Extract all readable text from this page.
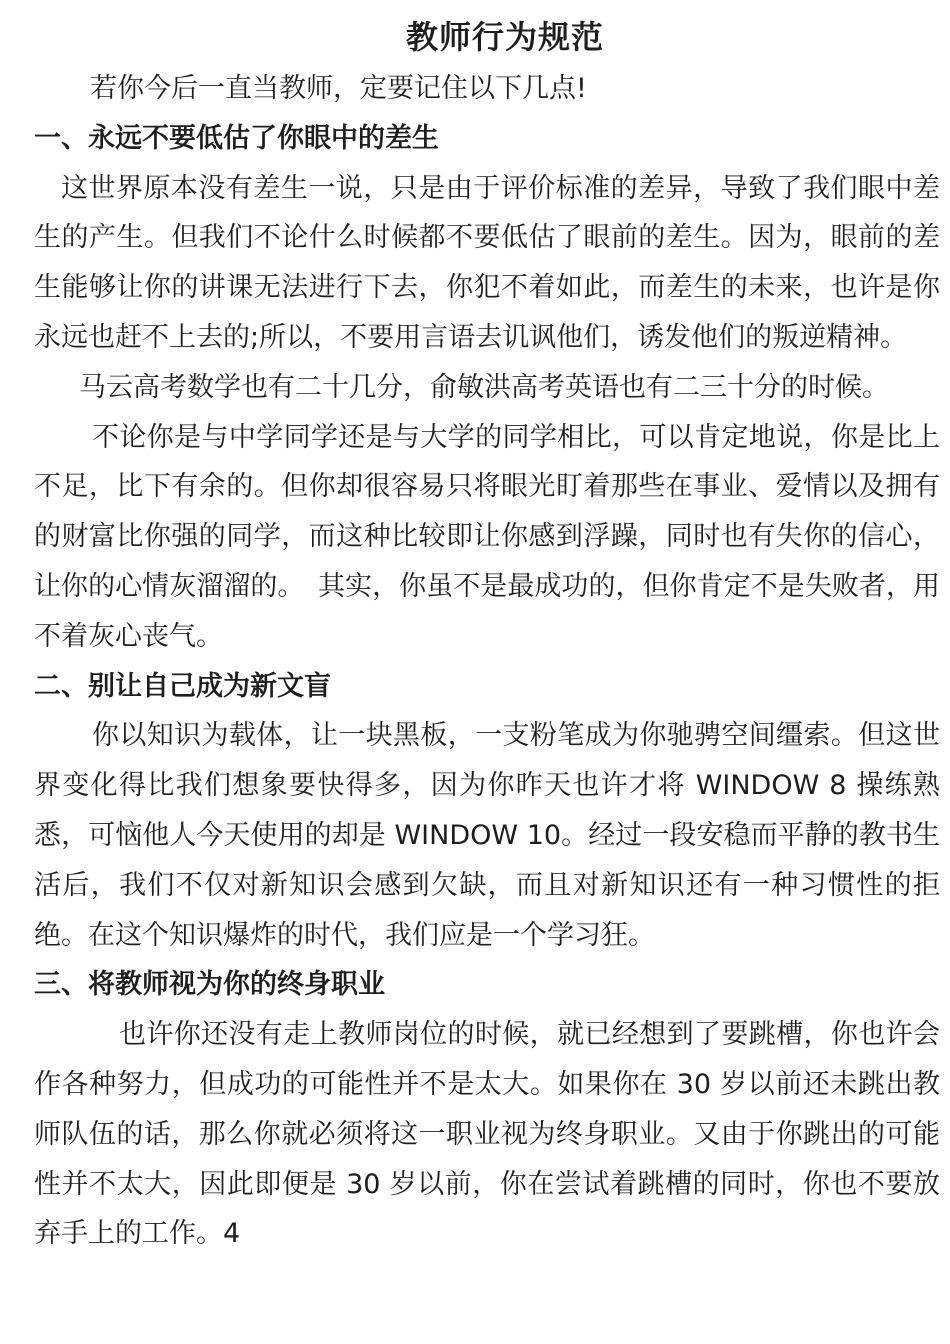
教师行为规范

若你今后一直当教师，定要记住以下几点!

一、永远不要低估了你眼中的差生

这世界原本没有差生一说，只是由于评价标准的差异，导致了我们眼中差生的产生。但我们不论什么时候都不要低估了眼前的差生。因为，眼前的差生能够让你的讲课无法进行下去，你犯不着如此，而差生的未来，也许是你永远也赶不上去的;所以，不要用言语去讥讽他们，诱发他们的叛逆精神。

马云高考数学也有二十几分，俞敏洪高考英语也有二三十分的时候。

不论你是与中学同学还是与大学的同学相比，可以肯定地说，你是比上不足，比下有余的。但你却很容易只将眼光盯着那些在事业、爱情以及拥有的财富比你强的同学，而这种比较即让你感到浮躁，同时也有失你的信心，让你的心情灰溜溜的。　其实，你虽不是最成功的，但你肯定不是失败者，用不着灰心丧气。

二、别让自己成为新文盲

你以知识为载体，让一块黑板，一支粉笔成为你驰骋空间缰索。但这世界变化得比我们想象要快得多，因为你昨天也许才将 WINDOW 8 操练熟悉，可恼他人今天使用的却是 WINDOW 10。经过一段安稳而平静的教书生活后，我们不仅对新知识会感到欠缺，而且对新知识还有一种习惯性的拒绝。在这个知识爆炸的时代，我们应是一个学习狂。

三、将教师视为你的终身职业

也许你还没有走上教师岗位的时候，就已经想到了要跳槽，你也许会作各种努力，但成功的可能性并不是太大。如果你在 30 岁以前还未跳出教师队伍的话，那么你就必须将这一职业视为终身职业。又由于你跳出的可能性并不太大，因此即便是 30 岁以前，你在尝试着跳槽的同时，你也不要放弃手上的工作。4
